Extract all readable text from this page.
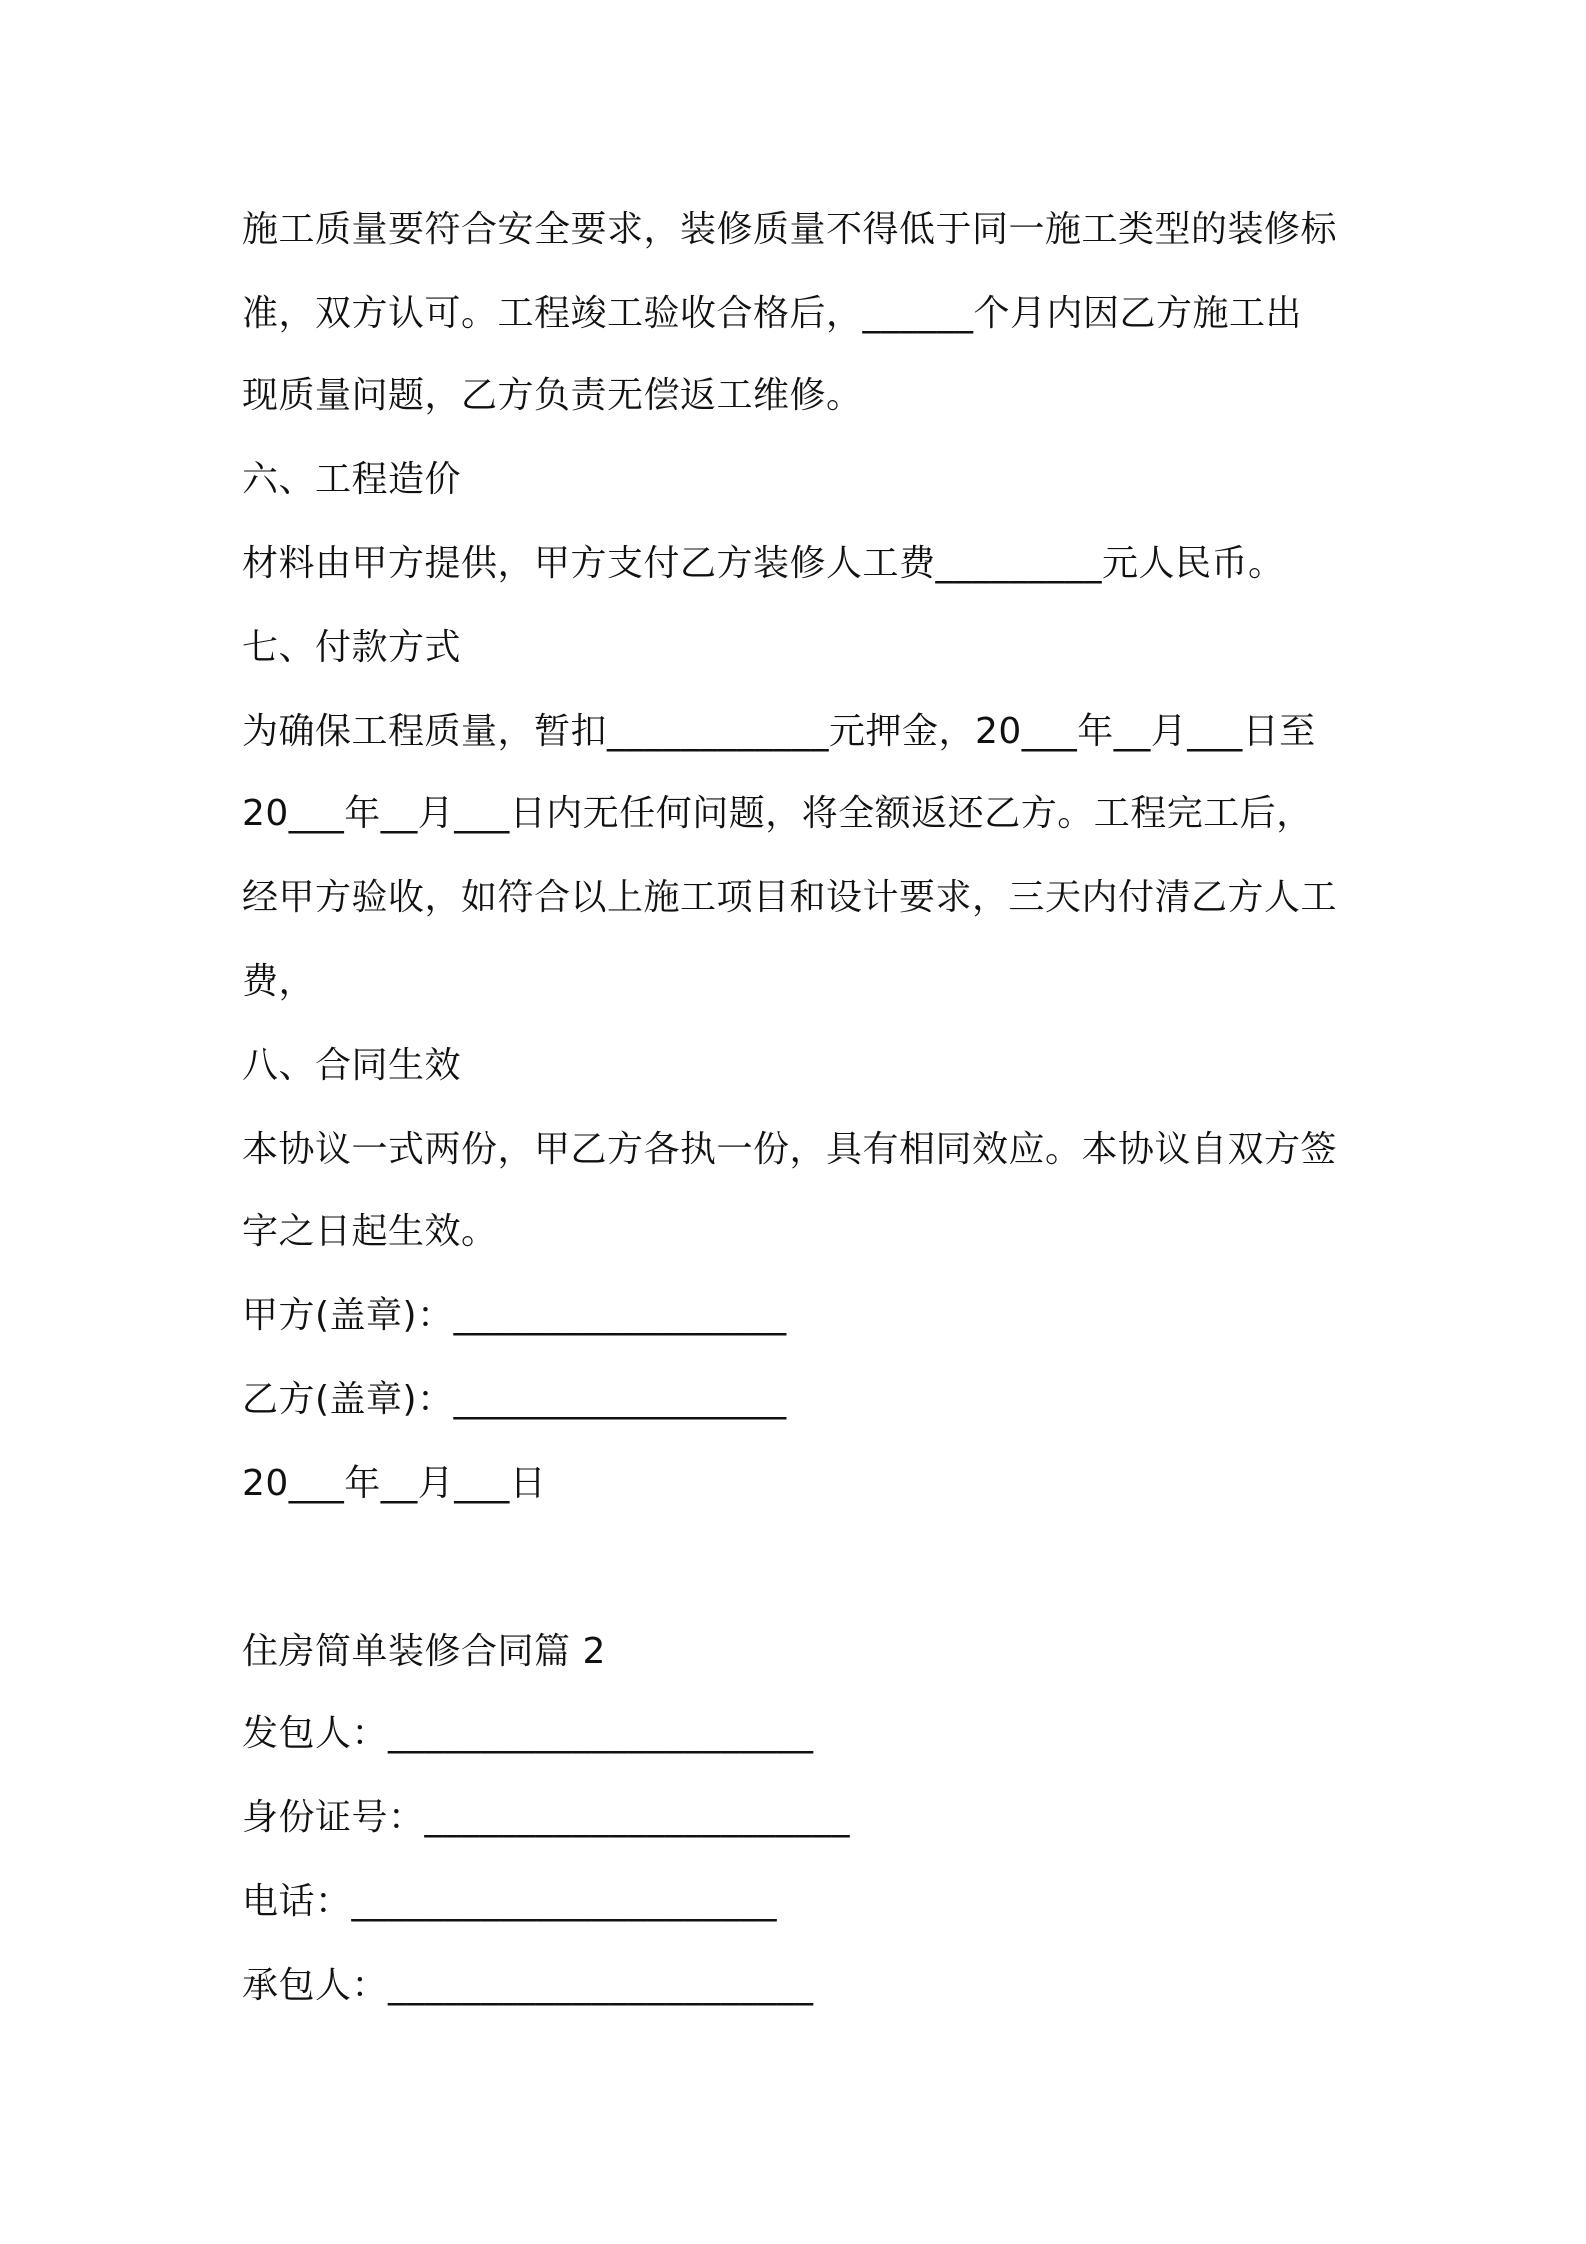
施工质量要符合安全要求，装修质量不得低于同一施工类型的装修标
准，双方认可。工程竣工验收合格后，______个月内因乙方施工出
现质量问题，乙方负责无偿返工维修。
六、工程造价
材料由甲方提供，甲方支付乙方装修人工费_________元人民币。
七、付款方式
为确保工程质量，暂扣____________元押金，20___年__月___日至
20___年__月___日内无任何问题，将全额返还乙方。工程完工后，
经甲方验收，如符合以上施工项目和设计要求，三天内付清乙方人工
费，
八、合同生效
本协议一式两份，甲乙方各执一份，具有相同效应。本协议自双方签
字之日起生效。
甲方(盖章)：__________________
乙方(盖章)：__________________
20___年__月___日
住房简单装修合同篇 2
发包人：_______________________
身份证号：_______________________
电话：_______________________
承包人：_______________________
